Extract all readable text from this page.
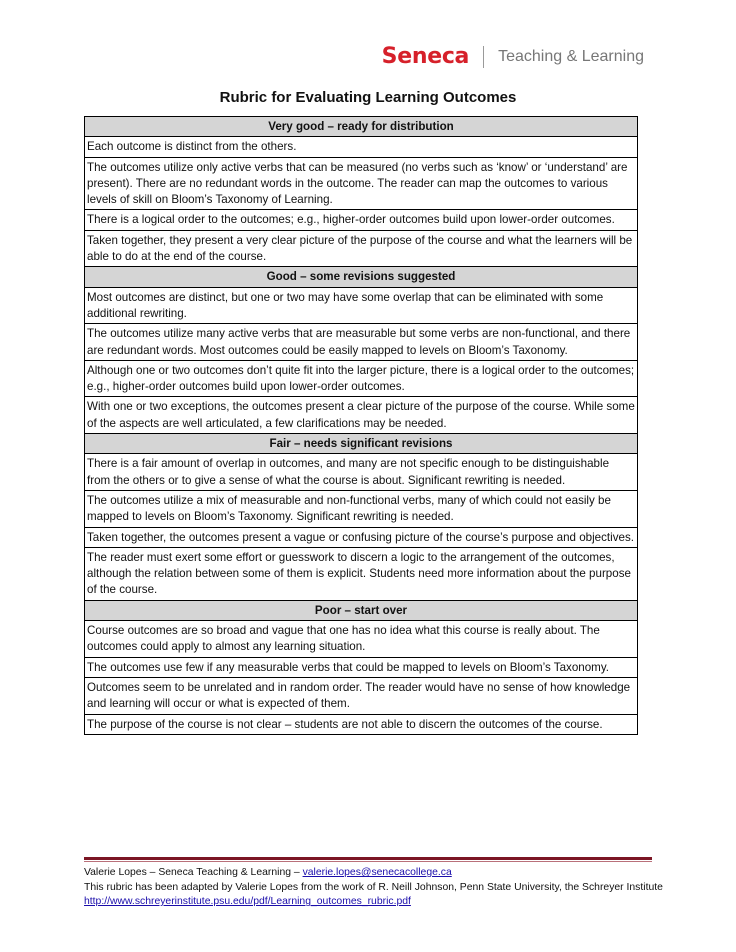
Seneca Teaching & Learning
Rubric for Evaluating Learning Outcomes
Very good – ready for distribution
Each outcome is distinct from the others.
The outcomes utilize only active verbs that can be measured (no verbs such as ‘know’ or ‘understand’ are present). There are no redundant words in the outcome. The reader can map the outcomes to various levels of skill on Bloom’s Taxonomy of Learning.
There is a logical order to the outcomes; e.g., higher-order outcomes build upon lower-order outcomes.
Taken together, they present a very clear picture of the purpose of the course and what the learners will be able to do at the end of the course.
Good – some revisions suggested
Most outcomes are distinct, but one or two may have some overlap that can be eliminated with some additional rewriting.
The outcomes utilize many active verbs that are measurable but some verbs are non-functional, and there are redundant words. Most outcomes could be easily mapped to levels on Bloom’s Taxonomy.
Although one or two outcomes don’t quite fit into the larger picture, there is a logical order to the outcomes; e.g., higher-order outcomes build upon lower-order outcomes.
With one or two exceptions, the outcomes present a clear picture of the purpose of the course. While some of the aspects are well articulated, a few clarifications may be needed.
Fair – needs significant revisions
There is a fair amount of overlap in outcomes, and many are not specific enough to be distinguishable from the others or to give a sense of what the course is about. Significant rewriting is needed.
The outcomes utilize a mix of measurable and non-functional verbs, many of which could not easily be mapped to levels on Bloom’s Taxonomy. Significant rewriting is needed.
Taken together, the outcomes present a vague or confusing picture of the course’s purpose and objectives.
The reader must exert some effort or guesswork to discern a logic to the arrangement of the outcomes, although the relation between some of them is explicit. Students need more information about the purpose of the course.
Poor – start over
Course outcomes are so broad and vague that one has no idea what this course is really about. The outcomes could apply to almost any learning situation.
The outcomes use few if any measurable verbs that could be mapped to levels on Bloom’s Taxonomy.
Outcomes seem to be unrelated and in random order. The reader would have no sense of how knowledge and learning will occur or what is expected of them.
The purpose of the course is not clear – students are not able to discern the outcomes of the course.
Valerie Lopes – Seneca Teaching & Learning – valerie.lopes@senecacollege.ca
This rubric has been adapted by Valerie Lopes from the work of R. Neill Johnson, Penn State University, the Schreyer Institute http://www.schreyerinstitute.psu.edu/pdf/Learning_outcomes_rubric.pdf
